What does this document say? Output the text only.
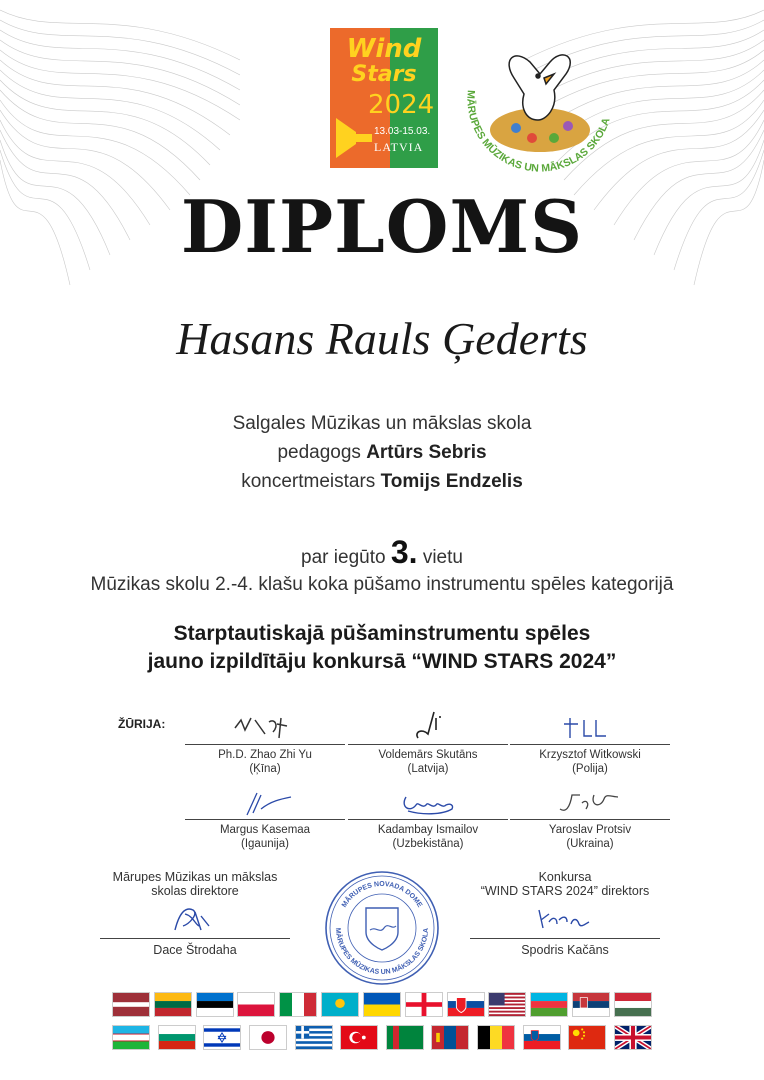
Wind
Stars
2024
13.03-15.03.
LATVIA
MĀRUPES MŪZIKAS UN MĀKSLAS SKOLA
DIPLOMS
Hasans Rauls Ģederts
Salgales Mūzikas un mākslas skola
pedagogs Artūrs Sebris
koncertmeistars Tomijs Endzelis
par iegūto 3. vietu
Mūzikas skolu 2.-4. klašu koka pūšamo instrumentu spēles kategorijā
Starptautiskajā pūšaminstrumentu spēles
jauno izpildītāju konkursā “WIND STARS 2024”
ŽŪRIJA:
Ph.D. Zhao Zhi Yu
(Ķīna)
Voldemārs Skutāns
(Latvija)
Krzysztof Witkowski
(Polija)
Margus Kasemaa
(Igaunija)
Kadambay Ismailov
(Uzbekistāna)
Yaroslav Protsiv
(Ukraina)
Mārupes Mūzikas un mākslas
skolas direktore
Dace Štrodaha
Konkursa
“WIND STARS 2024” direktors
Spodris Kačāns
MĀRUPES NOVADA DOME
MĀRUPES MŪZIKAS UN MĀKSLAS SKOLA
